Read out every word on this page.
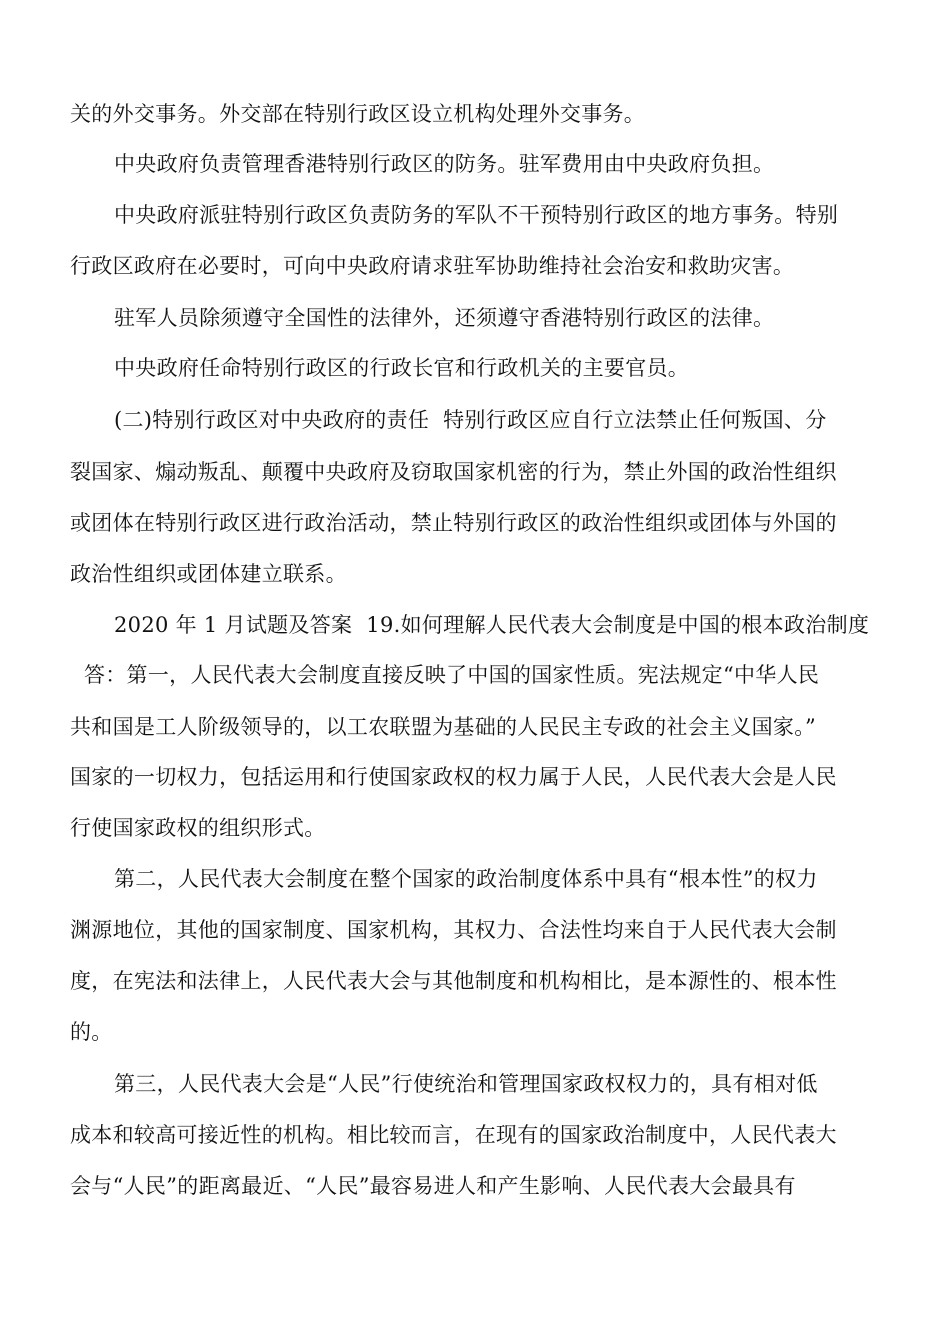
关的外交事务。外交部在特别行政区设立机构处理外交事务。
中央政府负责管理香港特别行政区的防务。驻军费用由中央政府负担。
中央政府派驻特别行政区负责防务的军队不干预特别行政区的地方事务。特别
行政区政府在必要时，可向中央政府请求驻军协助维持社会治安和救助灾害。
驻军人员除须遵守全国性的法律外，还须遵守香港特别行政区的法律。
中央政府任命特别行政区的行政长官和行政机关的主要官员。
(二)特别行政区对中央政府的责任  特别行政区应自行立法禁止任何叛国、分
裂国家、煽动叛乱、颠覆中央政府及窃取国家机密的行为，禁止外国的政治性组织
或团体在特别行政区进行政治活动，禁止特别行政区的政治性组织或团体与外国的
政治性组织或团体建立联系。
2020 年 1 月试题及答案  19.如何理解人民代表大会制度是中国的根本政治制度
答：第一，人民代表大会制度直接反映了中国的国家性质。宪法规定“中华人民
共和国是工人阶级领导的，以工农联盟为基础的人民民主专政的社会主义国家。”
国家的一切权力，包括运用和行使国家政权的权力属于人民，人民代表大会是人民
行使国家政权的组织形式。
第二，人民代表大会制度在整个国家的政治制度体系中具有“根本性”的权力
渊源地位，其他的国家制度、国家机构，其权力、合法性均来自于人民代表大会制
度，在宪法和法律上，人民代表大会与其他制度和机构相比，是本源性的、根本性
的。
第三，人民代表大会是“人民”行使统治和管理国家政权权力的，具有相对低
成本和较高可接近性的机构。相比较而言，在现有的国家政治制度中，人民代表大
会与“人民”的距离最近、“人民”最容易进人和产生影响、人民代表大会最具有
